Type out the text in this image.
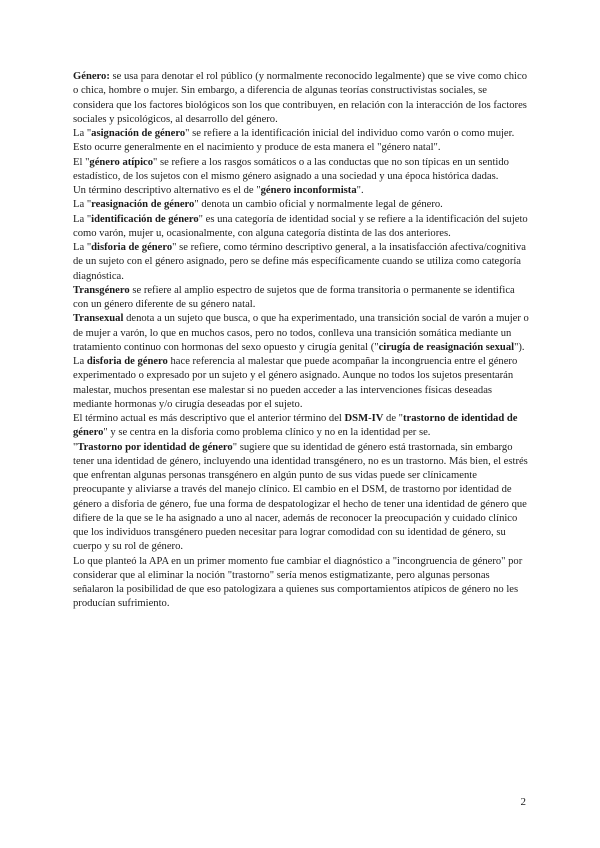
Género: se usa para denotar el rol público (y normalmente reconocido legalmente) que se vive como chico o chica, hombre o mujer. Sin embargo, a diferencia de algunas teorías constructivistas sociales, se considera que los factores biológicos son los que contribuyen, en relación con la interacción de los factores sociales y psicológicos, al desarrollo del género.

La "asignación de género" se refiere a la identificación inicial del individuo como varón o como mujer. Esto ocurre generalmente en el nacimiento y produce de esta manera el "género natal".

El "género atípico" se refiere a los rasgos somáticos o a las conductas que no son típicas en un sentido estadístico, de los sujetos con el mismo género asignado a una sociedad y una época histórica dadas.

Un término descriptivo alternativo es el de "género inconformista".

La "reasignación de género" denota un cambio oficial y normalmente legal de género.

La "identificación de género" es una categoría de identidad social y se refiere a la identificación del sujeto como varón, mujer u, ocasionalmente, con alguna categoría distinta de las dos anteriores.

La "disforia de género" se refiere, como término descriptivo general, a la insatisfacción afectiva/cognitiva de un sujeto con el género asignado, pero se define más específicamente cuando se utiliza como categoría diagnóstica.

Transgénero se refiere al amplio espectro de sujetos que de forma transitoria o permanente se identifica con un género diferente de su género natal.

Transexual denota a un sujeto que busca, o que ha experimentado, una transición social de varón a mujer o de mujer a varón, lo que en muchos casos, pero no todos, conlleva una transición somática mediante un tratamiento continuo con hormonas del sexo opuesto y cirugía genital ("cirugía de reasignación sexual").

La disforia de género hace referencia al malestar que puede acompañar la incongruencia entre el género experimentado o expresado por un sujeto y el género asignado. Aunque no todos los sujetos presentarán malestar, muchos presentan ese malestar si no pueden acceder a las intervenciones físicas deseadas mediante hormonas y/o cirugía deseadas por el sujeto.

El término actual es más descriptivo que el anterior término del DSM-IV de "trastorno de identidad de género" y se centra en la disforia como problema clínico y no en la identidad per se.

"Trastorno por identidad de género" sugiere que su identidad de género está trastornada, sin embargo tener una identidad de género, incluyendo una identidad transgénero, no es un trastorno. Más bien, el estrés que enfrentan algunas personas transgénero en algún punto de sus vidas puede ser clínicamente preocupante y aliviarse a través del manejo clínico. El cambio en el DSM, de trastorno por identidad de género a disforia de género, fue una forma de despatologizar el hecho de tener una identidad de género que difiere de la que se le ha asignado a uno al nacer, además de reconocer la preocupación y cuidado clínico que los individuos transgénero pueden necesitar para lograr comodidad con su identidad de género, su cuerpo y su rol de género.

Lo que planteó la APA en un primer momento fue cambiar el diagnóstico a "incongruencia de género" por considerar que al eliminar la noción "trastorno" sería menos estigmatizante, pero algunas personas señalaron la posibilidad de que eso patologizara a quienes sus comportamientos atípicos de género no les producían sufrimiento.

2
